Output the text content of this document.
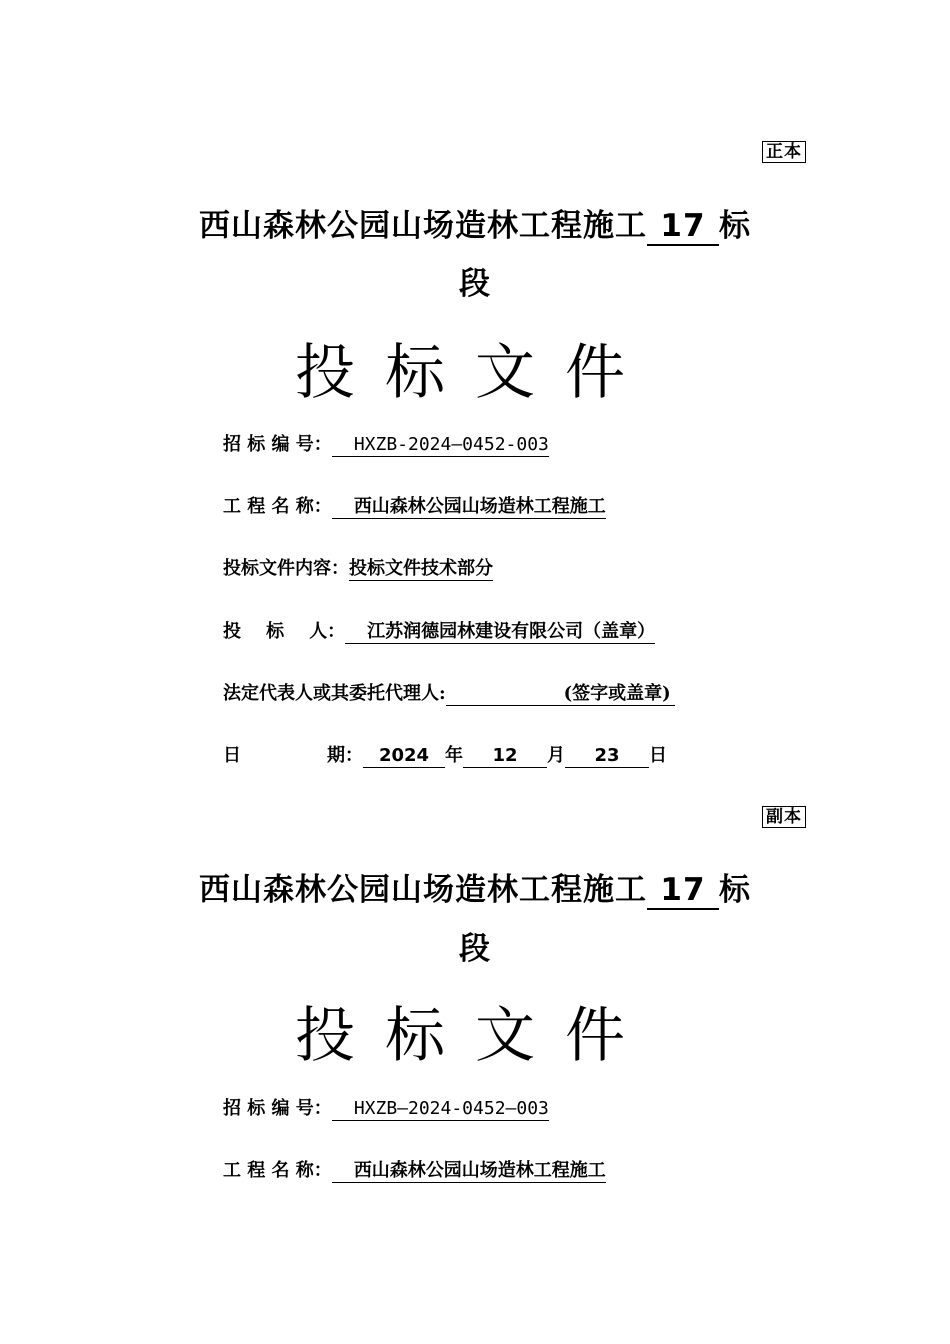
正本
西山森林公园山场造林工程施工 17 标
段
投标文件
招 标 编 号： HXZB-2024—0452-003
工 程 名 称： 西山森林公园山场造林工程施工
投标文件内容：投标文件技术部分
投    标    人： 江苏润德园林建设有限公司（盖章）
法定代表人或其委托代理人:	(签字或盖章)
日	期： 2024 年 12 月 23 日
副本
西山森林公园山场造林工程施工 17 标
段
投标文件
招 标 编 号： HXZB—2024-0452—003
工 程 名 称： 西山森林公园山场造林工程施工
